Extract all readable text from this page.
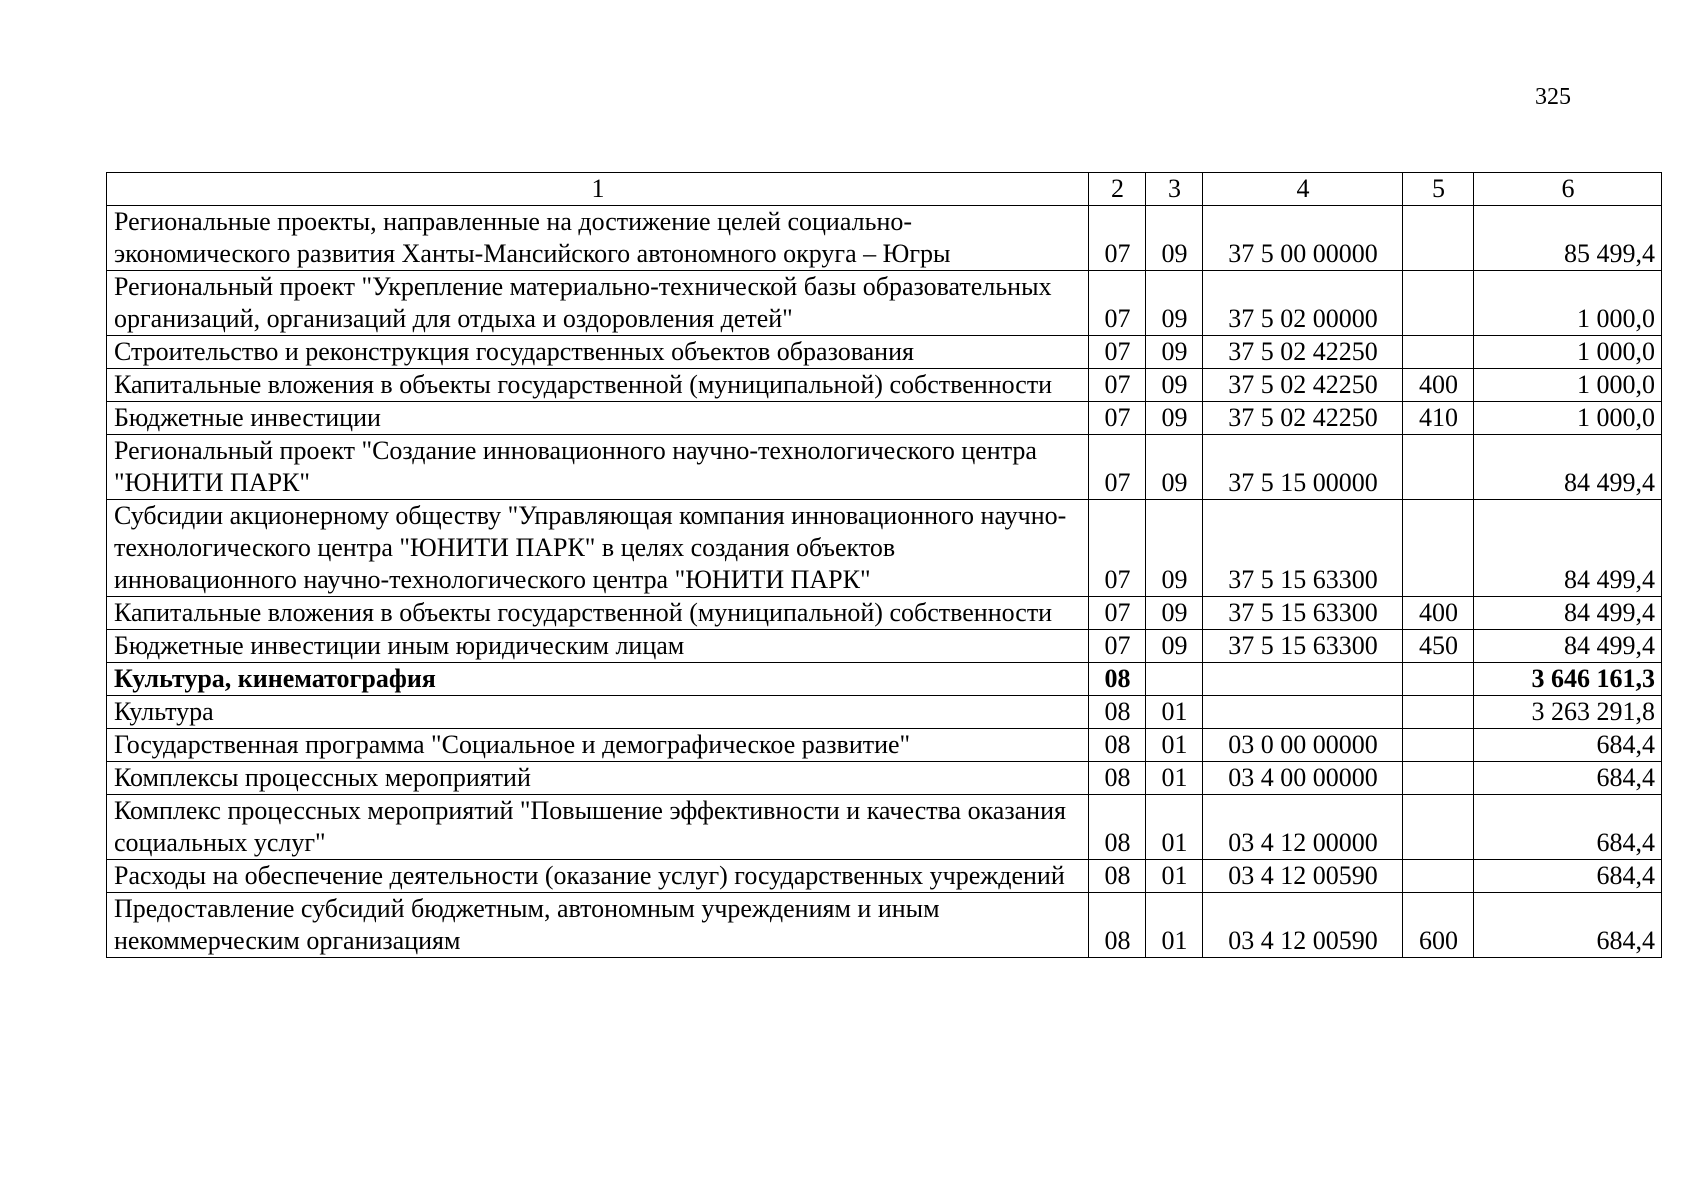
325
1	2	3	4	5	6
Региональные проекты, направленные на достижение целей социально-экономического развития Ханты-Мансийского автономного округа – Югры	07	09	37 5 00 00000		85 499,4
Региональный проект "Укрепление материально-технической базы образовательных организаций, организаций для отдыха и оздоровления детей"	07	09	37 5 02 00000		1 000,0
Строительство и реконструкция государственных объектов образования	07	09	37 5 02 42250		1 000,0
Капитальные вложения в объекты государственной (муниципальной) собственности	07	09	37 5 02 42250	400	1 000,0
Бюджетные инвестиции	07	09	37 5 02 42250	410	1 000,0
Региональный проект "Создание инновационного научно-технологического центра "ЮНИТИ ПАРК"	07	09	37 5 15 00000		84 499,4
Субсидии акционерному обществу "Управляющая компания инновационного научно-технологического центра "ЮНИТИ ПАРК" в целях создания объектов инновационного научно-технологического центра "ЮНИТИ ПАРК"	07	09	37 5 15 63300		84 499,4
Капитальные вложения в объекты государственной (муниципальной) собственности	07	09	37 5 15 63300	400	84 499,4
Бюджетные инвестиции иным юридическим лицам	07	09	37 5 15 63300	450	84 499,4
Культура, кинематография	08				3 646 161,3
Культура	08	01			3 263 291,8
Государственная программа "Социальное и демографическое развитие"	08	01	03 0 00 00000		684,4
Комплексы процессных мероприятий	08	01	03 4 00 00000		684,4
Комплекс процессных мероприятий "Повышение эффективности и качества оказания социальных услуг"	08	01	03 4 12 00000		684,4
Расходы на обеспечение деятельности (оказание услуг) государственных учреждений	08	01	03 4 12 00590		684,4
Предоставление субсидий бюджетным, автономным учреждениям и иным некоммерческим организациям	08	01	03 4 12 00590	600	684,4
